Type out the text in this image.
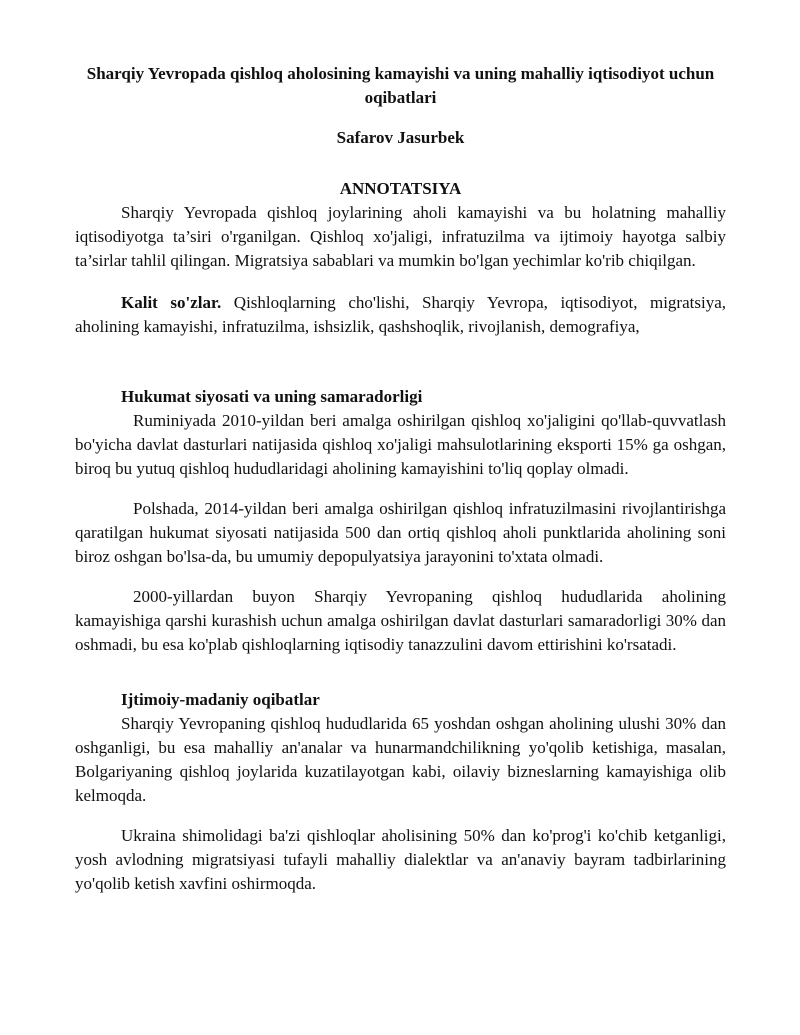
Sharqiy Yevropada qishloq aholosining kamayishi va uning mahalliy iqtisodiyot uchun oqibatlari
Safarov Jasurbek
ANNOTATSIYA

Sharqiy Yevropada qishloq joylarining aholi kamayishi va bu holatning mahalliy iqtisodiyotga ta’siri o'rganilgan. Qishloq xo'jaligi, infratuzilma va ijtimoiy hayotga salbiy ta’sirlar tahlil qilingan. Migratsiya sabablari va mumkin bo'lgan yechimlar ko'rib chiqilgan.

Kalit so'zlar. Qishloqlarning cho'lishi, Sharqiy Yevropa, iqtisodiyot, migratsiya, aholining kamayishi, infratuzilma, ishsizlik, qashshoqlik, rivojlanish, demografiya,

Hukumat siyosati va uning samaradorligi

Ruminiyada 2010-yildan beri amalga oshirilgan qishloq xo'jaligini qo'llab-quvvatlash bo'yicha davlat dasturlari natijasida qishloq xo'jaligi mahsulotlarining eksporti 15% ga oshgan, biroq bu yutuq qishloq hududlaridagi aholining kamayishini to'liq qoplay olmadi.

Polshada, 2014-yildan beri amalga oshirilgan qishloq infratuzilmasini rivojlantirishga qaratilgan hukumat siyosati natijasida 500 dan ortiq qishloq aholi punktlarida aholining soni biroz oshgan bo'lsa-da, bu umumiy depopulyatsiya jarayonini to'xtata olmadi.

2000-yillardan buyon Sharqiy Yevropaning qishloq hududlarida aholining kamayishiga qarshi kurashish uchun amalga oshirilgan davlat dasturlari samaradorligi 30% dan oshmadi, bu esa ko'plab qishloqlarning iqtisodiy tanazzulini davom ettirishini ko'rsatadi.

Ijtimoiy-madaniy oqibatlar

Sharqiy Yevropaning qishloq hududlarida 65 yoshdan oshgan aholining ulushi 30% dan oshganligi, bu esa mahalliy an'analar va hunarmandchilikning yo'qolib ketishiga, masalan, Bolgariyaning qishloq joylarida kuzatilayotgan kabi, oilaviy bizneslarning kamayishiga olib kelmoqda.

Ukraina shimolidagi ba'zi qishloqlar aholisining 50% dan ko'prog'i ko'chib ketganligi, yosh avlodning migratsiyasi tufayli mahalliy dialektlar va an'anaviy bayram tadbirlarining yo'qolib ketish xavfini oshirmoqda.
